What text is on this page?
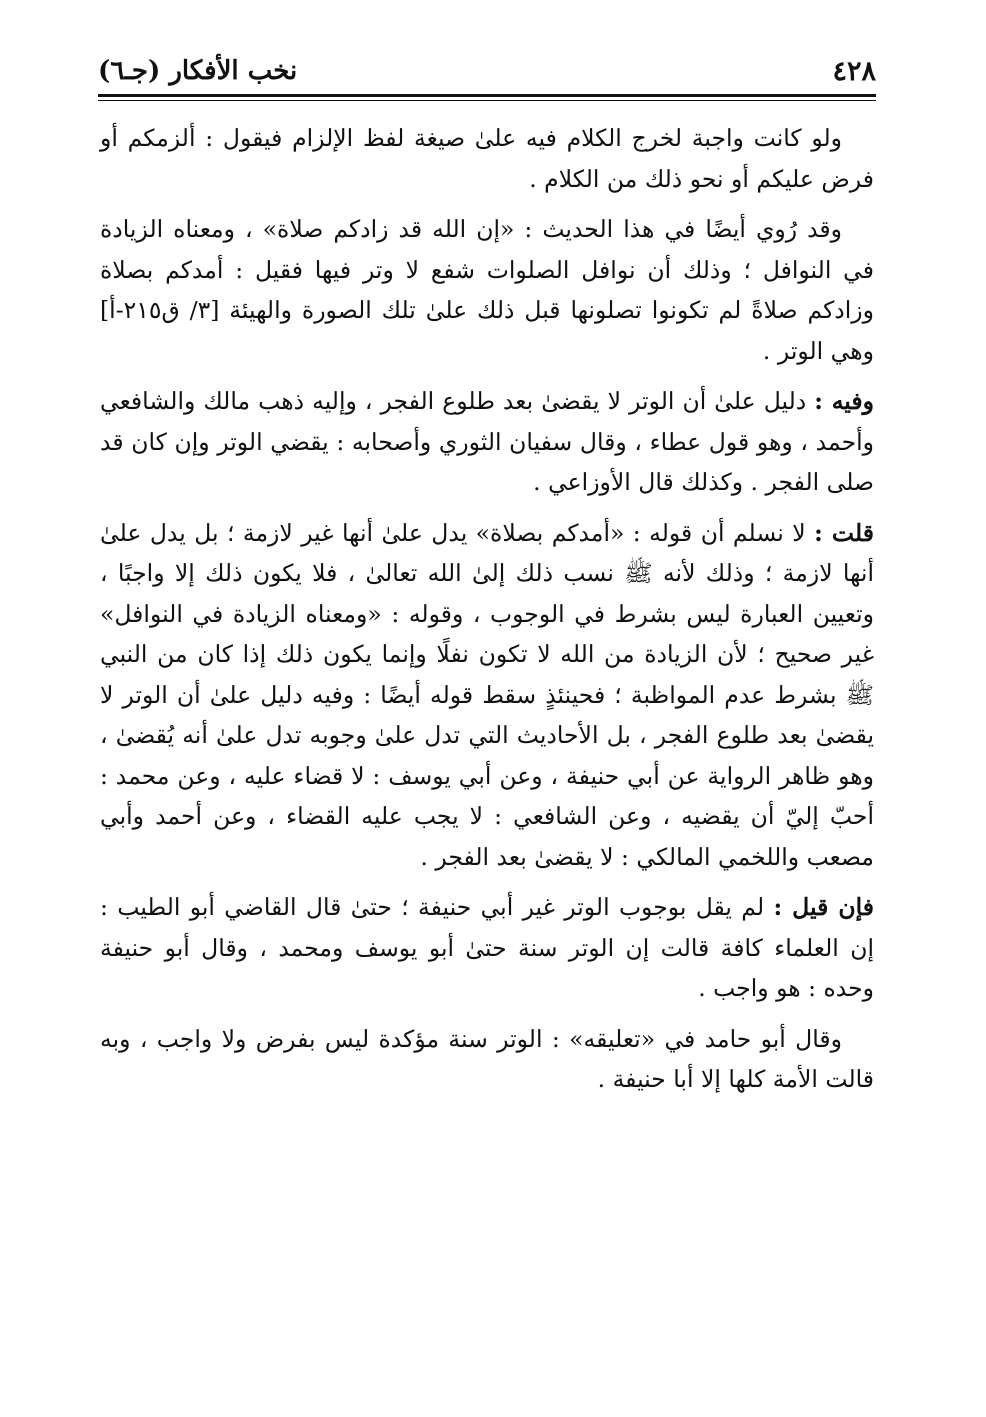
٤٢٨
نخب الأفكار (جـ٦)

ولو كانت واجبة لخرج الكلام فيه علىٰ صيغة لفظ الإلزام فيقول : ألزمكم أو فرض عليكم أو نحو ذلك من الكلام .

وقد رُوي أيضًا في هذا الحديث : «إن الله قد زادكم صلاة» ، ومعناه الزيادة في النوافل ؛ وذلك أن نوافل الصلوات شفع لا وتر فيها فقيل : أمدكم بصلاة وزادكم صلاةً لم تكونوا تصلونها قبل ذلك علىٰ تلك الصورة والهيئة [٣/ ق٢١٥-أ] وهي الوتر .

وفيه : دليل علىٰ أن الوتر لا يقضىٰ بعد طلوع الفجر ، وإليه ذهب مالك والشافعي وأحمد ، وهو قول عطاء ، وقال سفيان الثوري وأصحابه : يقضي الوتر وإن كان قد صلى الفجر . وكذلك قال الأوزاعي .

قلت : لا نسلم أن قوله : «أمدكم بصلاة» يدل علىٰ أنها غير لازمة ؛ بل يدل علىٰ أنها لازمة ؛ وذلك لأنه ﷺ نسب ذلك إلىٰ الله تعالىٰ ، فلا يكون ذلك إلا واجبًا ، وتعيين العبارة ليس بشرط في الوجوب ، وقوله : «ومعناه الزيادة في النوافل» غير صحيح ؛ لأن الزيادة من الله لا تكون نفلًا وإنما يكون ذلك إذا كان من النبي ﷺ بشرط عدم المواظبة ؛ فحينئذٍ سقط قوله أيضًا : وفيه دليل علىٰ أن الوتر لا يقضىٰ بعد طلوع الفجر ، بل الأحاديث التي تدل علىٰ وجوبه تدل علىٰ أنه يُقضىٰ ، وهو ظاهر الرواية عن أبي حنيفة ، وعن أبي يوسف : لا قضاء عليه ، وعن محمد : أحبّ إليّ أن يقضيه ، وعن الشافعي : لا يجب عليه القضاء ، وعن أحمد وأبي مصعب واللخمي المالكي : لا يقضىٰ بعد الفجر .

فإن قيل : لم يقل بوجوب الوتر غير أبي حنيفة ؛ حتىٰ قال القاضي أبو الطيب : إن العلماء كافة قالت إن الوتر سنة حتىٰ أبو يوسف ومحمد ، وقال أبو حنيفة وحده : هو واجب .

وقال أبو حامد في «تعليقه» : الوتر سنة مؤكدة ليس بفرض ولا واجب ، وبه قالت الأمة كلها إلا أبا حنيفة .
